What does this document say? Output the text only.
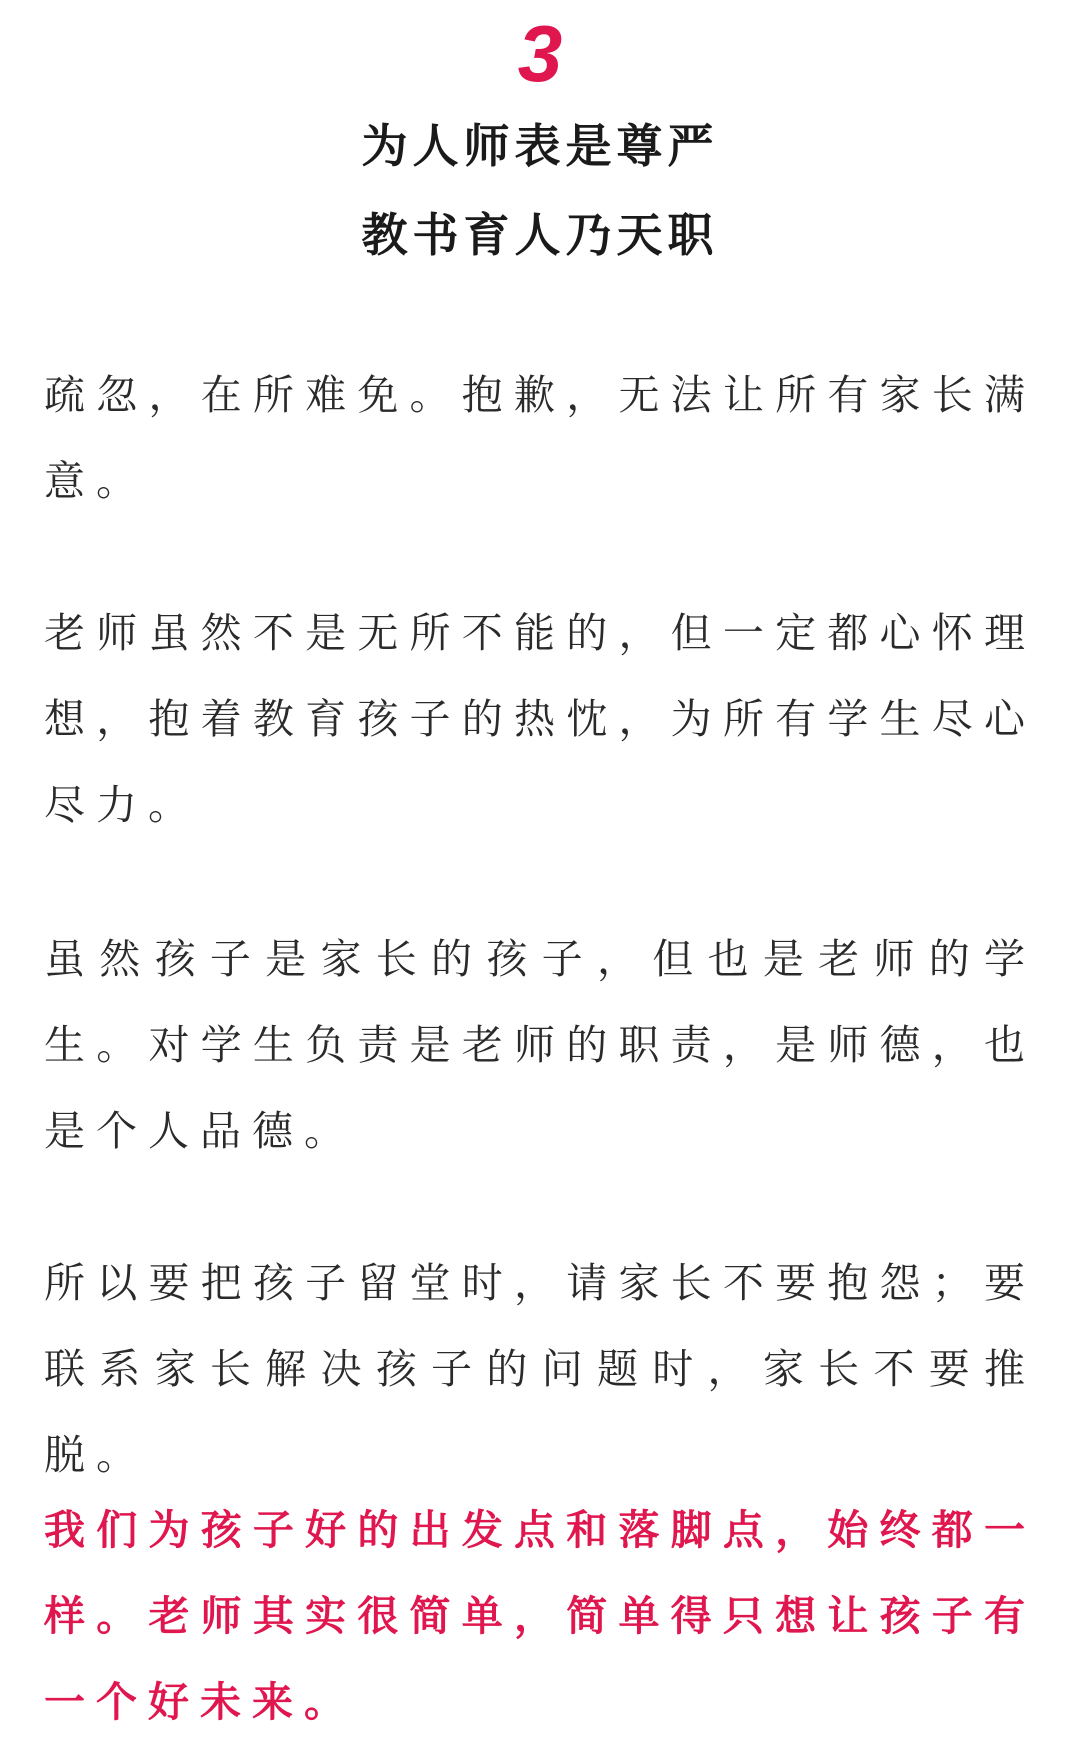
3
为人师表是尊严
教书育人乃天职

疏忽，在所难免。抱歉，无法让所有家长满意。

老师虽然不是无所不能的，但一定都心怀理想，抱着教育孩子的热忱，为所有学生尽心尽力。

虽然孩子是家长的孩子，但也是老师的学生。对学生负责是老师的职责，是师德，也是个人品德。

所以要把孩子留堂时，请家长不要抱怨；要联系家长解决孩子的问题时，家长不要推脱。

我们为孩子好的出发点和落脚点，始终都一样。老师其实很简单，简单得只想让孩子有一个好未来。
